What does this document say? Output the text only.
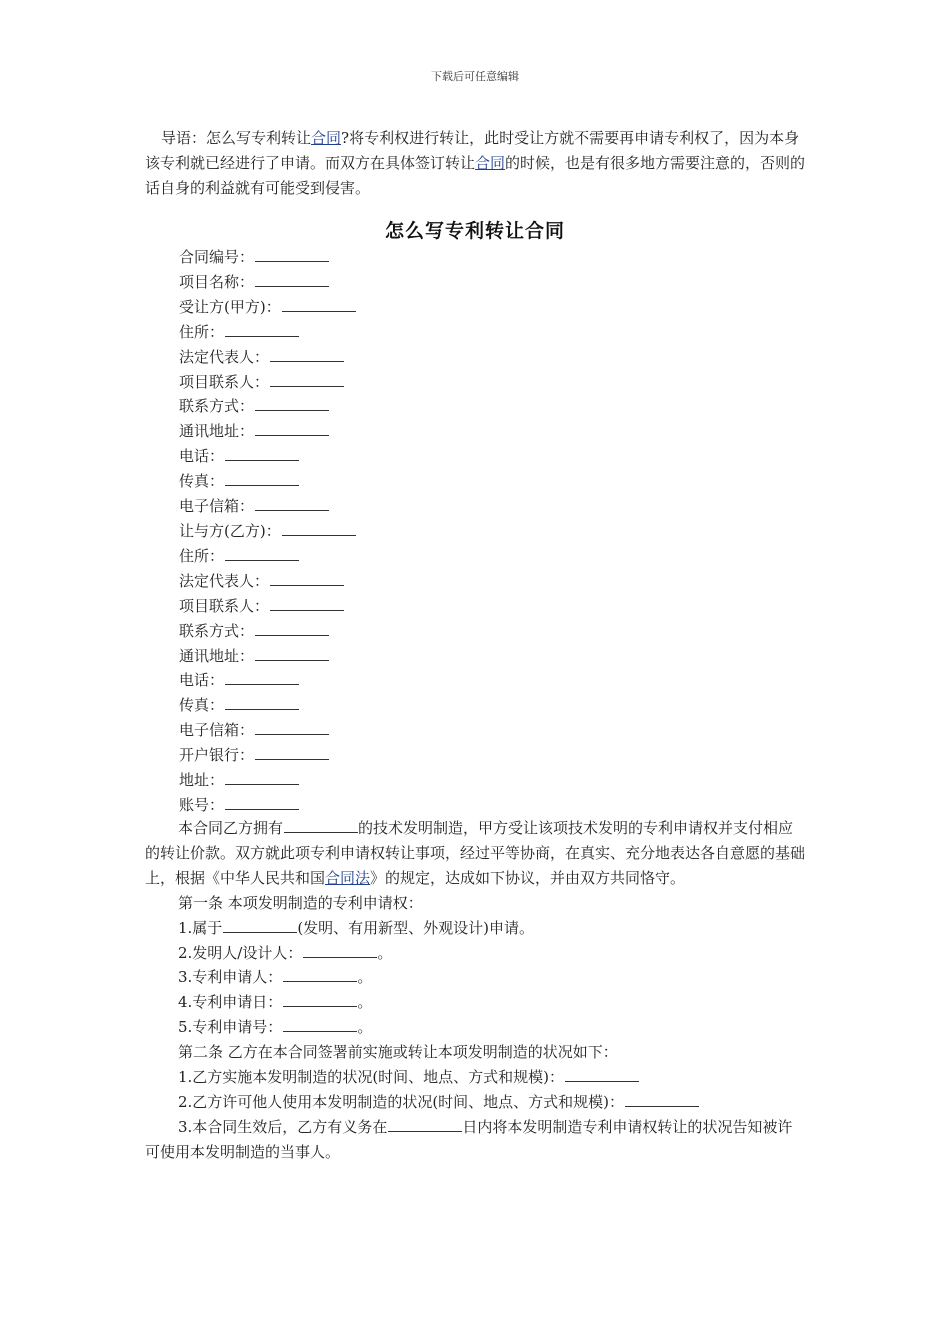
下载后可任意编辑
导语：怎么写专利转让合同?将专利权进行转让，此时受让方就不需要再申请专利权了，因为本身该专利就已经进行了申请。而双方在具体签订转让合同的时候，也是有很多地方需要注意的，否则的话自身的利益就有可能受到侵害。
怎么写专利转让合同
合同编号：
项目名称：
受让方(甲方)：
住所：
法定代表人：
项目联系人：
联系方式：
通讯地址：
电话：
传真：
电子信箱：
让与方(乙方)：
住所：
法定代表人：
项目联系人：
联系方式：
通讯地址：
电话：
传真：
电子信箱：
开户银行：
地址：
账号：
本合同乙方拥有	的技术发明制造，甲方受让该项技术发明的专利申请权并支付相应的转让价款。双方就此项专利申请权转让事项，经过平等协商，在真实、充分地表达各自意愿的基础上，根据《中华人民共和国合同法》的规定，达成如下协议，并由双方共同恪守。
第一条 本项发明制造的专利申请权：
1.属于	(发明、有用新型、外观设计)申请。
2.发明人/设计人：	。
3.专利申请人：	。
4.专利申请日：	。
5.专利申请号：	。
第二条 乙方在本合同签署前实施或转让本项发明制造的状况如下：
1.乙方实施本发明制造的状况(时间、地点、方式和规模)：
2.乙方许可他人使用本发明制造的状况(时间、地点、方式和规模)：
3.本合同生效后，乙方有义务在	日内将本发明制造专利申请权转让的状况告知被许可使用本发明制造的当事人。
